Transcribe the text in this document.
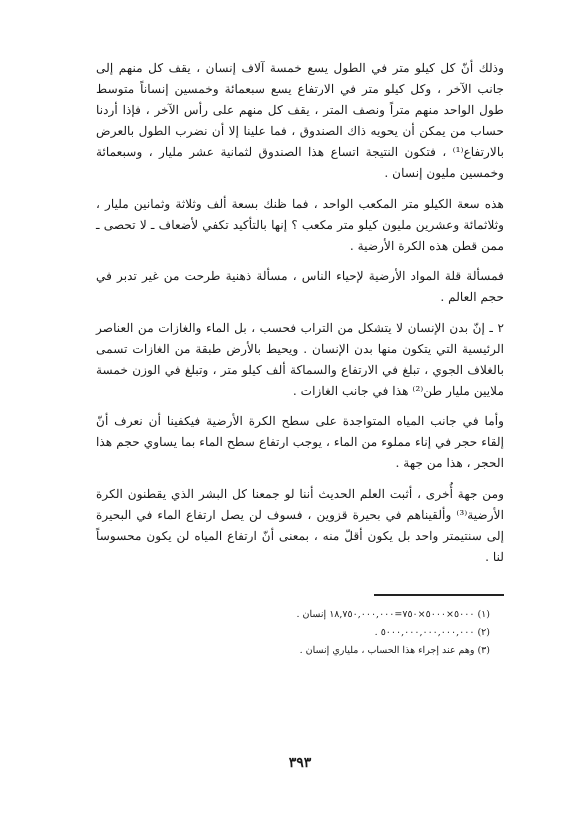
وذلك أنّ كل كيلو متر في الطول يسع خمسة آلاف إنسان ، يقف كل منهم إلى جانب الآخر ، وكل كيلو متر في الارتفاع يسع سبعمائة وخمسين إنساناً متوسط طول الواحد منهم متراً ونصف المتر ، يقف كل منهم على رأس الآخر ، فإذا أردنا حساب من يمكن أن يحويه ذاك الصندوق ، فما علينا إلا أن نضرب الطول بالعرض بالارتفاع⁽¹⁾ ، فتكون النتيجة اتساع هذا الصندوق لثمانية عشر مليار ، وسبعمائة وخمسين مليون إنسان .

هذه سعة الكيلو متر المكعب الواحد ، فما ظنك بسعة ألف وثلاثة وثمانين مليار ، وثلاثمائة وعشرين مليون كيلو متر مكعب ؟ إنها بالتأكيد تكفي لأضعاف ـ لا تحصى ـ ممن قطن هذه الكرة الأرضية .

فمسألة قلة المواد الأرضية لإحياء الناس ، مسألة ذهنية طرحت من غير تدبر في حجم العالم .

٢ ـ إنّ بدن الإنسان لا يتشكل من التراب فحسب ، بل الماء والغازات من العناصر الرئيسية التي يتكون منها بدن الإنسان . ويحيط بالأرض طبقة من الغازات تسمى بالغلاف الجوي ، تبلغ في الارتفاع والسماكة ألف كيلو متر ، وتبلغ في الوزن خمسة ملايين مليار طن⁽²⁾ هذا في جانب الغازات .

وأما في جانب المياه المتواجدة على سطح الكرة الأرضية فيكفينا أن نعرف أنّ إلقاء حجر في إناء مملوء من الماء ، يوجب ارتفاع سطح الماء بما يساوي حجم هذا الحجر ، هذا من جهة .

ومن جهة أُخرى ، أثبت العلم الحديث أننا لو جمعنا كل البشر الذي يقطنون الكرة الأرضية⁽³⁾ وألقيناهم في بحيرة قزوين ، فسوف لن يصل ارتفاع الماء في البحيرة إلى سنتيمتر واحد بل يكون أقلّ منه ، بمعنى أنّ ارتفاع المياه لن يكون محسوساً لنا .

(١) ٥٠٠٠×٥٠٠٠×٧٥٠=١٨,٧٥٠,٠٠٠,٠٠٠ إنسان .

(٢) ٥٠٠٠,٠٠٠,٠٠٠,٠٠٠,٠٠٠ .

(٣) وهم عند إجراء هذا الحساب ، ملياري إنسان .

٣٩٣
